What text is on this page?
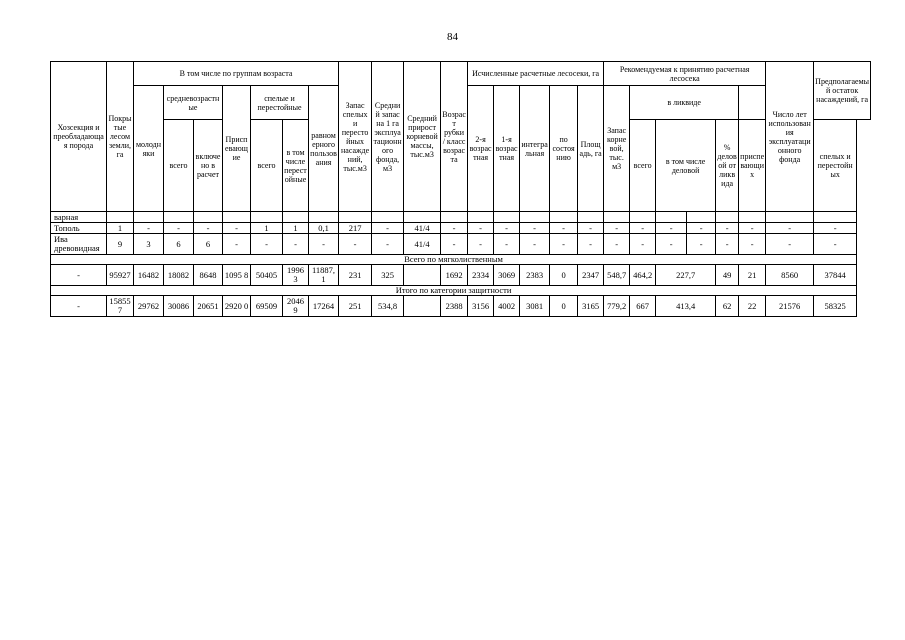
84
Хозсекция и преобладающая порода	Покрытые лесом земли, га	В том числе по группам возраста							Запас спелых и перестойных насаждений, тыс.м3	Средний запас на 1 га эксплуатационного фонда, м3	Средний прирост корневой массы, тыс.м3	Возраст рубки / класс возраста	Исчисленные расчетные лесосеки, га					Рекомендуемая к принятию расчетная лесосека						Число лет использования эксплуатационного фонда	Предполагаемый остаток насаждений, га
		молодняки	средневозрастные		Приспевающие	спелые и перестойные		равномерного пользования					2-я возрастная	1-я возрастная	интегральная	по состоянию	Площадь, га	Запас корневой, тыс. м3	в ликвиде						
			всего	включено в расчет		всего	в том числе перестойные												всего	в том числе деловой		% деловой от ликвида	приспевающих		спелых и перестойных
варная																									
Тополь	1	-	-	-	-	1	1	0,1	217	-	41/4	-	-	-	-	-	-	-	-	-	-	-	-	-	-
Ива древовидная	9	3	6	6	-	-	-	-	-	-	41/4	-	-	-	-	-	-	-	-	-	-	-	-	-	-
Всего по мягколиственным																									
-	95927	16482	18082	8648	1095 8	50405	1996 3	11887, 1	231	325		1692	2334	3069	2383	0	2347	548,7	464,2	227,7		49	21	8560	37844
Итого по категории защитности																									
-	15855 7	29762	30086	20651	2920 0	69509	2046 9	17264	251	534,8		2388	3156	4002	3081	0	3165	779,2	667	413,4		62	22	21576	58325
